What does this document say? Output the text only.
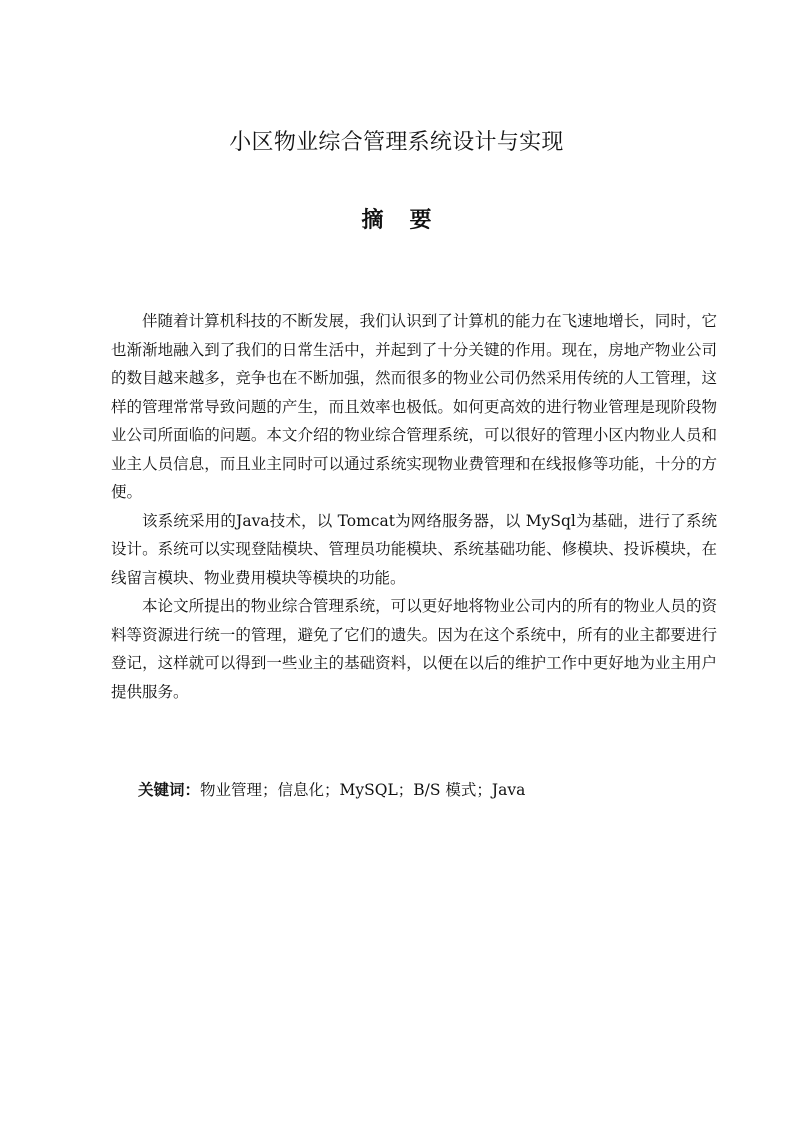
小区物业综合管理系统设计与实现
摘要

伴随着计算机科技的不断发展，我们认识到了计算机的能力在飞速地增长，同时，它也渐渐地融入到了我们的日常生活中，并起到了十分关键的作用。现在，房地产物业公司的数目越来越多，竞争也在不断加强，然而很多的物业公司仍然采用传统的人工管理，这样的管理常常导致问题的产生，而且效率也极低。如何更高效的进行物业管理是现阶段物业公司所面临的问题。本文介绍的物业综合管理系统，可以很好的管理小区内物业人员和业主人员信息，而且业主同时可以通过系统实现物业费管理和在线报修等功能，十分的方便。

该系统采用的Java技术，以 Tomcat为网络服务器，以 MySql为基础，进行了系统设计。系统可以实现登陆模块、管理员功能模块、系统基础功能、修模块、投诉模块，在线留言模块、物业费用模块等模块的功能。

本论文所提出的物业综合管理系统，可以更好地将物业公司内的所有的物业人员的资料等资源进行统一的管理，避免了它们的遗失。因为在这个系统中，所有的业主都要进行登记，这样就可以得到一些业主的基础资料，以便在以后的维护工作中更好地为业主用户提供服务。

关键词：物业管理；信息化；MySQL；B/S 模式；Java
